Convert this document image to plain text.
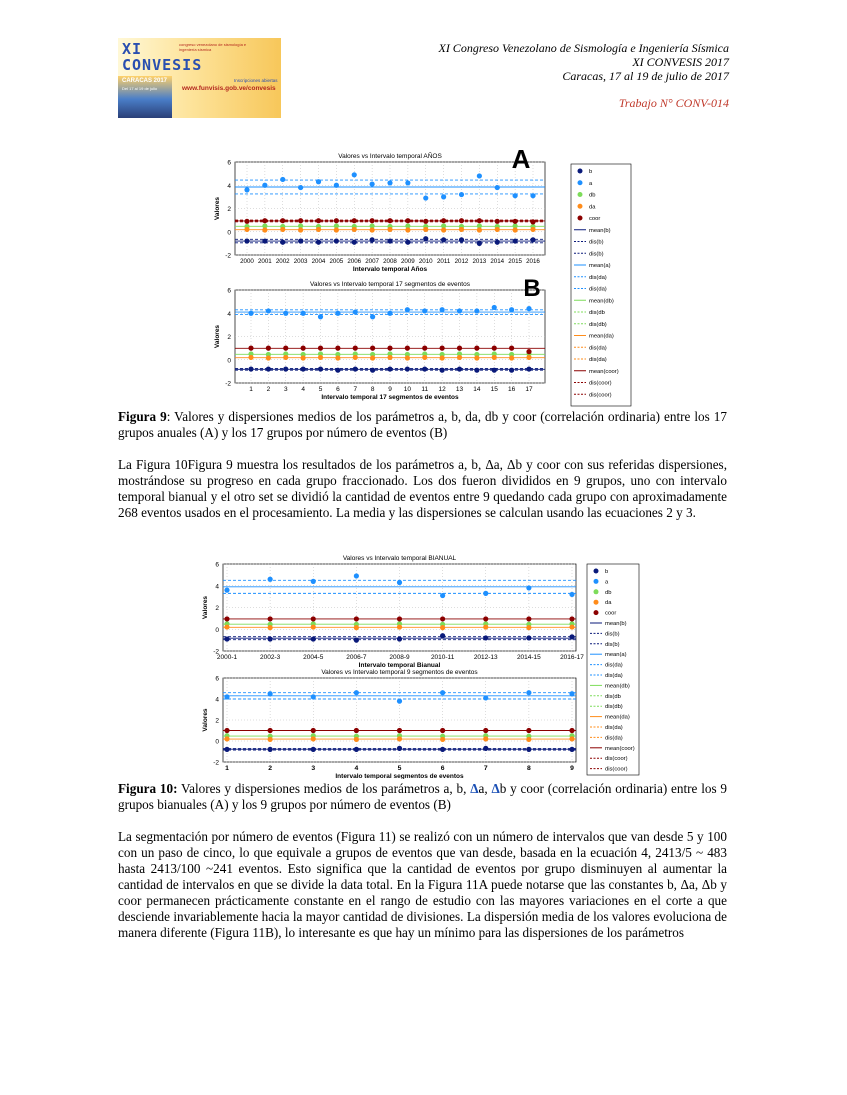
XI
CONVESIS
congreso venezolano de sismología e ingeniería sísmica
CARACAS 2017
Del 17 al 19 de julio
Inscripciones abiertas
www.funvisis.gob.ve/convesis
XI Congreso Venezolano de Sismología e Ingeniería Sísmica
XI CONVESIS 2017
Caracas, 17 al 19 de julio de 2017
Trabajo N° CONV-014
-2
0
2
4
6
2000 2001 2002 2003 2004 2005 2006 2007 2008 2009 2010 2011 2012 2013 2014 2015 2016
Valores vs Intervalo temporal AÑOS
Intervalo temporal Años
Valores
-2
0
2
4
6
1 2 3 4 5 6 7 8 9 10 11 12 13 14 15 16 17
Valores vs Intervalo temporal 17 segmentos de eventos
Intervalo temporal 17 segmentos de eventos
Valores
A
B
b
a
db
da
coor
mean(b)
dis(b)
dis(b)
mean(a)
dis(da)
dis(da)
mean(db)
dis(db
dis(db)
mean(da)
dis(da)
dis(da)
mean(coor)
dis(coor)
dis(coor)
Figura 9: Valores y dispersiones medios de los parámetros a, b, da, db y coor (correlación ordinaria) entre los 17 grupos anuales (A) y los 17 grupos por número de eventos (B)
La Figura 10Figura 9 muestra los resultados de los parámetros a, b, Δa, Δb y coor con sus referidas dispersiones, mostrándose su progreso en cada grupo fraccionado. Los dos fueron divididos en 9 grupos, uno con intervalo temporal bianual y el otro set se dividió la cantidad de eventos entre 9 quedando cada grupo con aproximadamente 268 eventos usados en el procesamiento. La media y las dispersiones se calculan usando las ecuaciones 2 y 3.
-2
0
2
4
6
2000-1	2002-3	2004-5	2006-7	2008-9	2010-11	2012-13	2014-15	2016-17
Valores vs Intervalo temporal BIANUAL
Intervalo temporal Bianual
Valores
-2
0
2
4
6
1	2	3	4	5	6	7	8	9
Valores vs Intervalo temporal 9 segmentos de eventos
Intervalo temporal segmentos de eventos
Valores
b
a
db
da
coor
mean(b)
dis(b)
dis(b)
mean(a)
dis(da)
dis(da)
mean(db)
dis(db
dis(db)
mean(da)
dis(da)
dis(da)
mean(coor)
dis(coor)
dis(coor)
Figura 10: Valores y dispersiones medios de los parámetros a, b, Δa, Δb y coor (correlación ordinaria) entre los 9 grupos bianuales (A) y los 9 grupos por número de eventos (B)
La segmentación por número de eventos (Figura 11) se realizó con un número de intervalos que van desde 5 y 100 con un paso de cinco, lo que equivale a grupos de eventos que van desde, basada en la ecuación 4, 2413/5 ~ 483 hasta 2413/100 ~241 eventos. Esto significa que la cantidad de eventos por grupo disminuyen al aumentar la cantidad de intervalos en que se divide la data total. En la Figura 11A puede notarse que las constantes b, Δa, Δb y coor permanecen prácticamente constante en el rango de estudio con las mayores variaciones en el corte a que desciende invariablemente hacia la mayor cantidad de divisiones. La dispersión media de los valores evoluciona de manera diferente (Figura 11B), lo interesante es que hay un mínimo para las dispersiones de los parámetros
